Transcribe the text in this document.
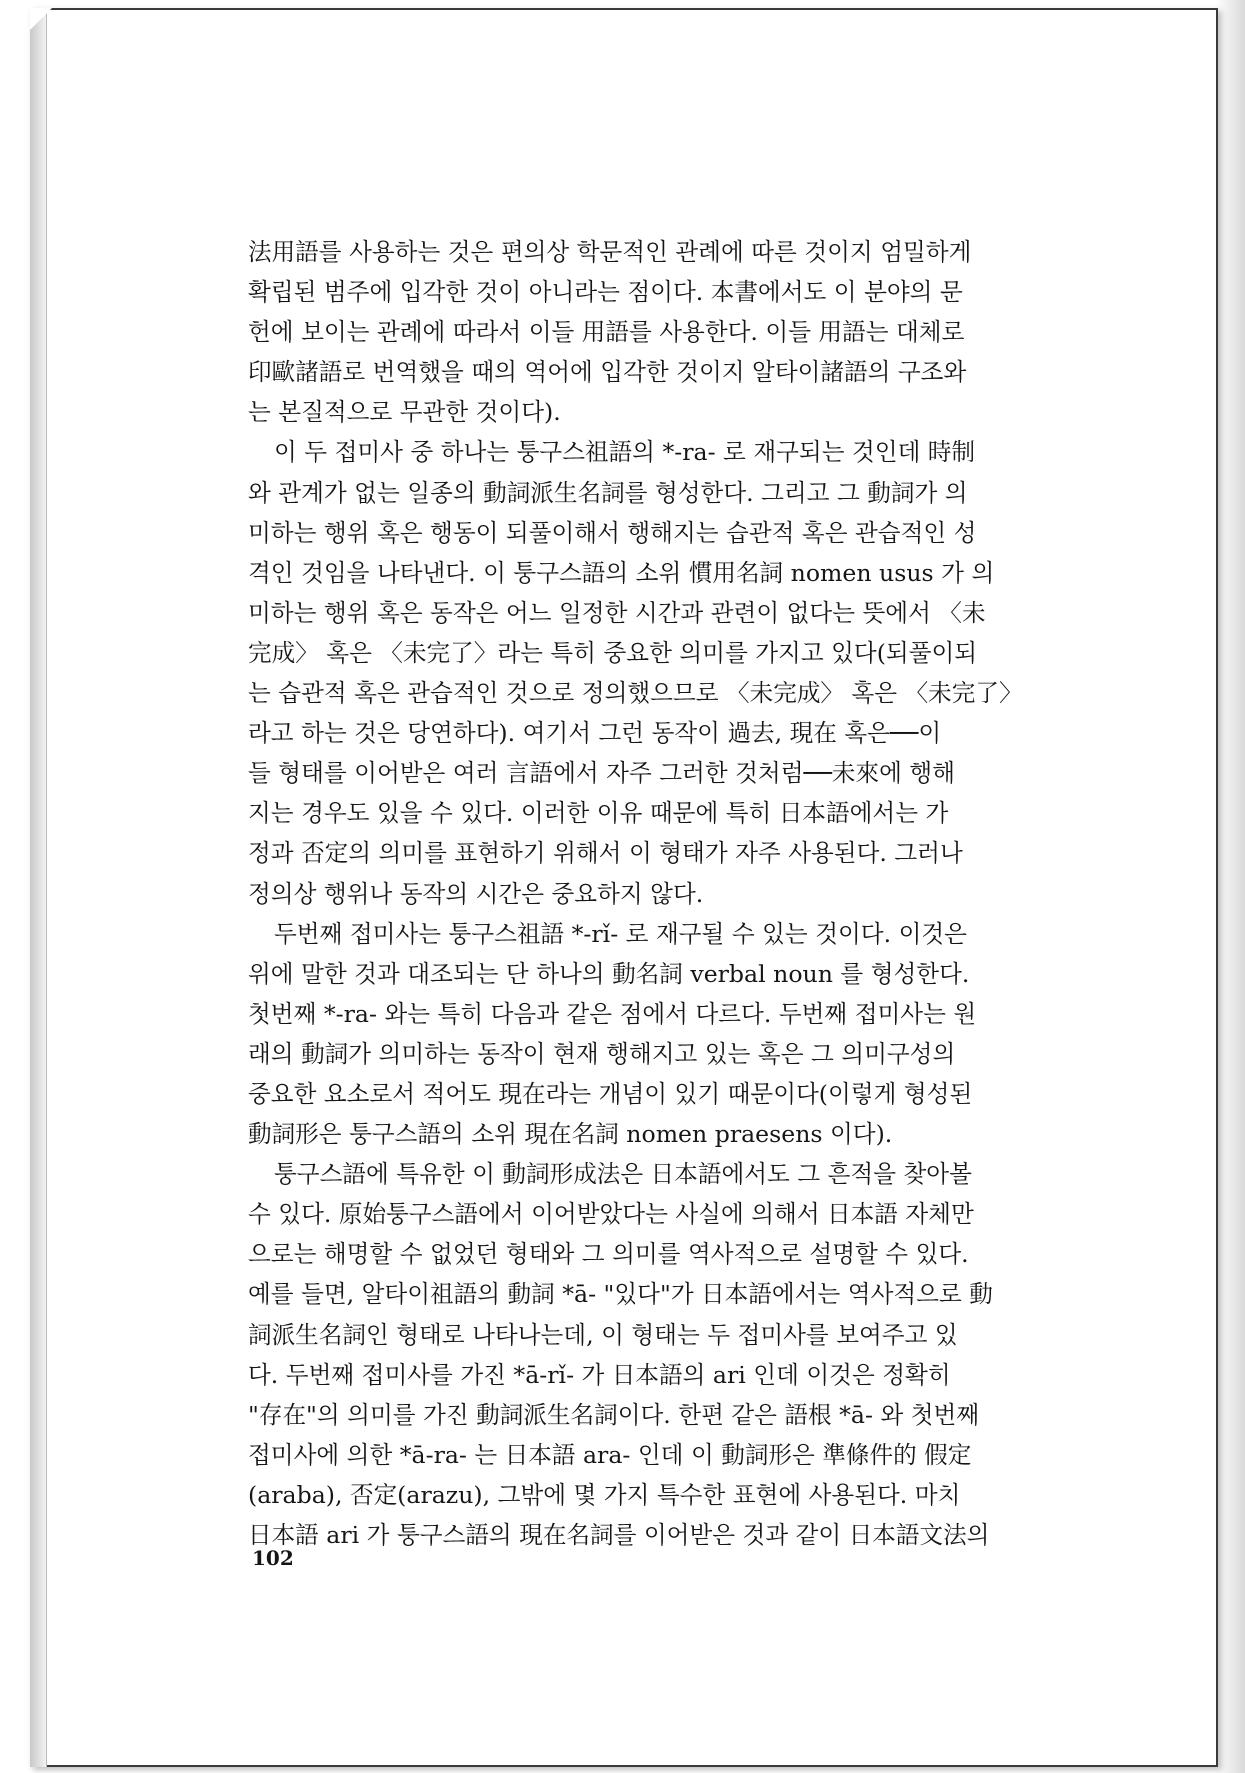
法用語를 사용하는 것은 편의상 학문적인 관례에 따른 것이지 엄밀하게
확립된 범주에 입각한 것이 아니라는 점이다. 本書에서도 이 분야의 문
헌에 보이는 관례에 따라서 이들 用語를 사용한다. 이들 用語는 대체로
印歐諸語로 번역했을 때의 역어에 입각한 것이지 알타이諸語의 구조와
는 본질적으로 무관한 것이다).
이 두 접미사 중 하나는 퉁구스祖語의 *-ra- 로 재구되는 것인데 時制
와 관계가 없는 일종의 動詞派生名詞를 형성한다. 그리고 그 動詞가 의
미하는 행위 혹은 행동이 되풀이해서 행해지는 습관적 혹은 관습적인 성
격인 것임을 나타낸다. 이 퉁구스語의 소위 慣用名詞 nomen usus 가 의
미하는 행위 혹은 동작은 어느 일정한 시간과 관련이 없다는 뜻에서 〈未
完成〉 혹은 〈未完了〉라는 특히 중요한 의미를 가지고 있다(되풀이되
는 습관적 혹은 관습적인 것으로 정의했으므로 〈未完成〉 혹은 〈未完了〉
라고 하는 것은 당연하다). 여기서 그런 동작이 過去, 現在 혹은──이
들 형태를 이어받은 여러 言語에서 자주 그러한 것처럼──未來에 행해
지는 경우도 있을 수 있다. 이러한 이유 때문에 특히 日本語에서는 가
정과 否定의 의미를 표현하기 위해서 이 형태가 자주 사용된다. 그러나
정의상 행위나 동작의 시간은 중요하지 않다.
두번째 접미사는 퉁구스祖語 *-rǐ- 로 재구될 수 있는 것이다. 이것은
위에 말한 것과 대조되는 단 하나의 動名詞 verbal noun 를 형성한다.
첫번째 *-ra- 와는 특히 다음과 같은 점에서 다르다. 두번째 접미사는 원
래의 動詞가 의미하는 동작이 현재 행해지고 있는 혹은 그 의미구성의
중요한 요소로서 적어도 現在라는 개념이 있기 때문이다(이렇게 형성된
動詞形은 퉁구스語의 소위 現在名詞 nomen praesens 이다).
퉁구스語에 특유한 이 動詞形成法은 日本語에서도 그 흔적을 찾아볼
수 있다. 原始퉁구스語에서 이어받았다는 사실에 의해서 日本語 자체만
으로는 해명할 수 없었던 형태와 그 의미를 역사적으로 설명할 수 있다.
예를 들면, 알타이祖語의 動詞 *ā- "있다"가 日本語에서는 역사적으로 動
詞派生名詞인 형태로 나타나는데, 이 형태는 두 접미사를 보여주고 있
다. 두번째 접미사를 가진 *ā-rǐ- 가 日本語의 ari 인데 이것은 정확히
"存在"의 의미를 가진 動詞派生名詞이다. 한편 같은 語根 *ā- 와 첫번째
접미사에 의한 *ā-ra- 는 日本語 ara- 인데 이 動詞形은 準條件的 假定
(araba), 否定(arazu), 그밖에 몇 가지 특수한 표현에 사용된다. 마치
日本語 ari 가 퉁구스語의 現在名詞를 이어받은 것과 같이 日本語文法의
102
